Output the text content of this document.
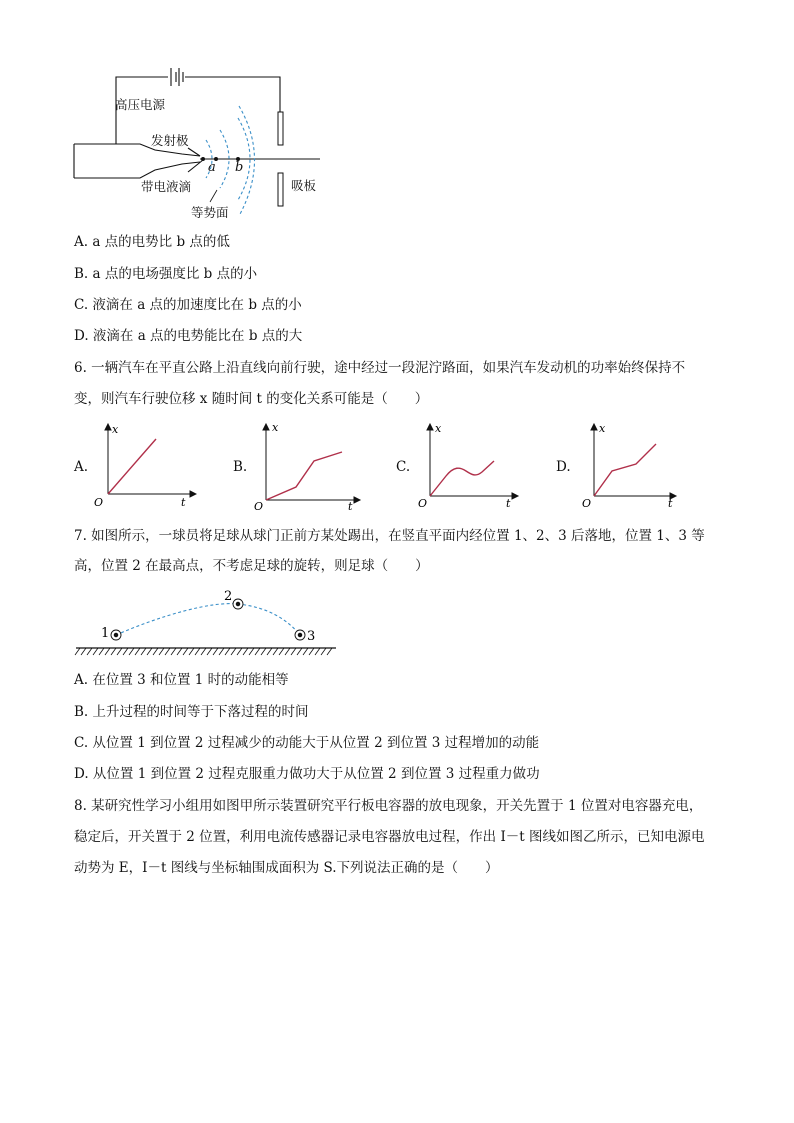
高压电源
发射极
a b
带电液滴	吸板
等势面
A. a 点的电势比 b 点的低
B. a 点的电场强度比 b 点的小
C. 液滴在 a 点的加速度比在 b 点的小
D. 液滴在 a 点的电势能比在 b 点的大
6. 一辆汽车在平直公路上沿直线向前行驶，途中经过一段泥泞路面，如果汽车发动机的功率始终保持不
变，则汽车行驶位移 x 随时间 t 的变化关系可能是（　　）
A.	B.	C.	D.
x
t
O
x
t
O
x
t
O
x
t
O
7. 如图所示，一球员将足球从球门正前方某处踢出，在竖直平面内经位置 1、2、3 后落地，位置 1、3 等
高，位置 2 在最高点，不考虑足球的旋转，则足球（　　）
1
2
3
A. 在位置 3 和位置 1 时的动能相等
B. 上升过程的时间等于下落过程的时间
C. 从位置 1 到位置 2 过程减少的动能大于从位置 2 到位置 3 过程增加的动能
D. 从位置 1 到位置 2 过程克服重力做功大于从位置 2 到位置 3 过程重力做功
8. 某研究性学习小组用如图甲所示装置研究平行板电容器的放电现象，开关先置于 1 位置对电容器充电，
稳定后，开关置于 2 位置，利用电流传感器记录电容器放电过程，作出 I－t 图线如图乙所示，已知电源电
动势为 E，I－t 图线与坐标轴围成面积为 S.下列说法正确的是（　　）
